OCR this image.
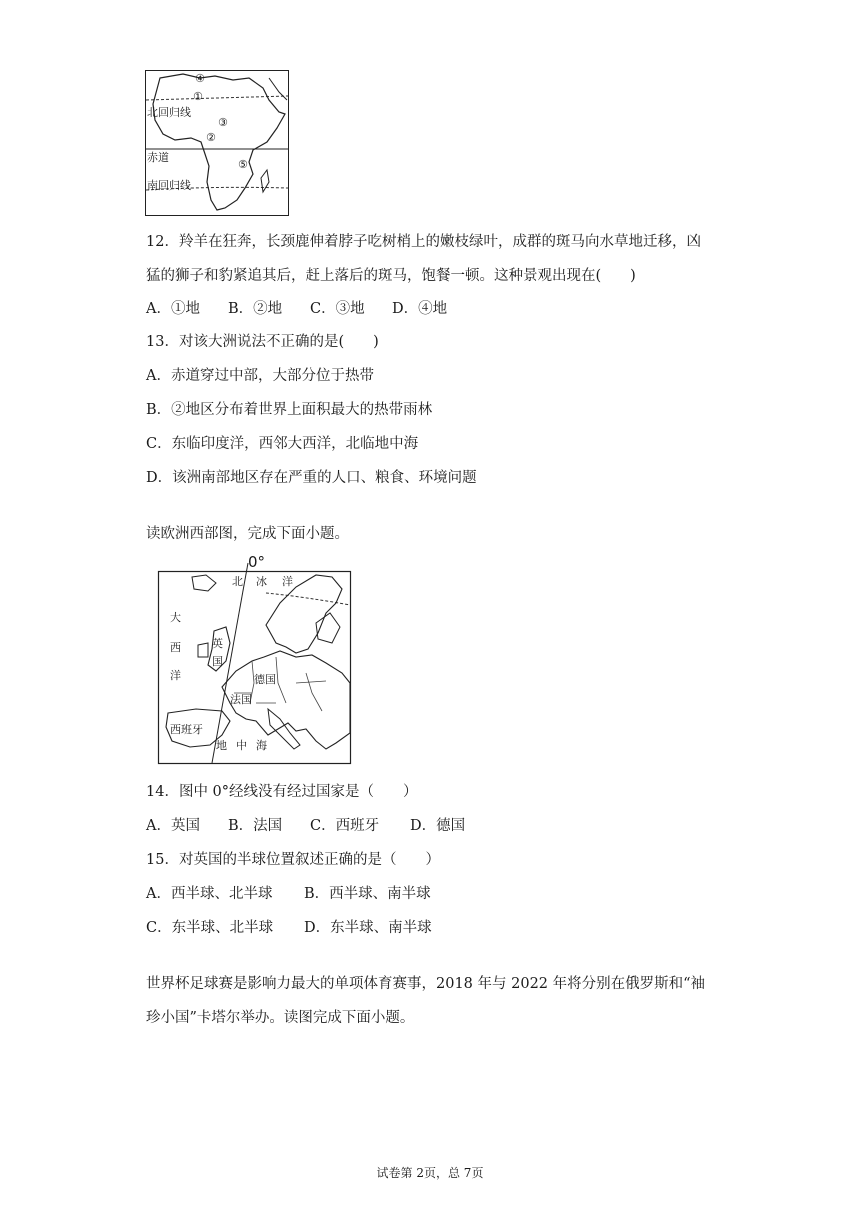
④
①
③
②
⑤
北回归线
赤道
南回归线
12．羚羊在狂奔，长颈鹿伸着脖子吃树梢上的嫩枝绿叶，成群的斑马向水草地迁移，凶
猛的狮子和豹紧追其后，赶上落后的斑马，饱餐一顿。这种景观出现在(　　)
A．①地 B．②地 C．③地 D．④地
13．对该大洲说法不正确的是(　　)
A．赤道穿过中部，大部分位于热带
B．②地区分布着世界上面积最大的热带雨林
C．东临印度洋，西邻大西洋，北临地中海
D．该洲南部地区存在严重的人口、粮食、环境问题
读欧洲西部图，完成下面小题。
0°
北 冰 洋
大
西
洋
英
国
德国
法国
西班牙
地 中 海
14．图中 0°经线没有经过国家是（　　）
A．英国 B．法国 C．西班牙 D．德国
15．对英国的半球位置叙述正确的是（　　）
A．西半球、北半球 B．西半球、南半球
C．东半球、北半球 D．东半球、南半球
世界杯足球赛是影响力最大的单项体育赛事，2018 年与 2022 年将分别在俄罗斯和“袖
珍小国”卡塔尔举办。读图完成下面小题。
试卷第 2页，总 7页
